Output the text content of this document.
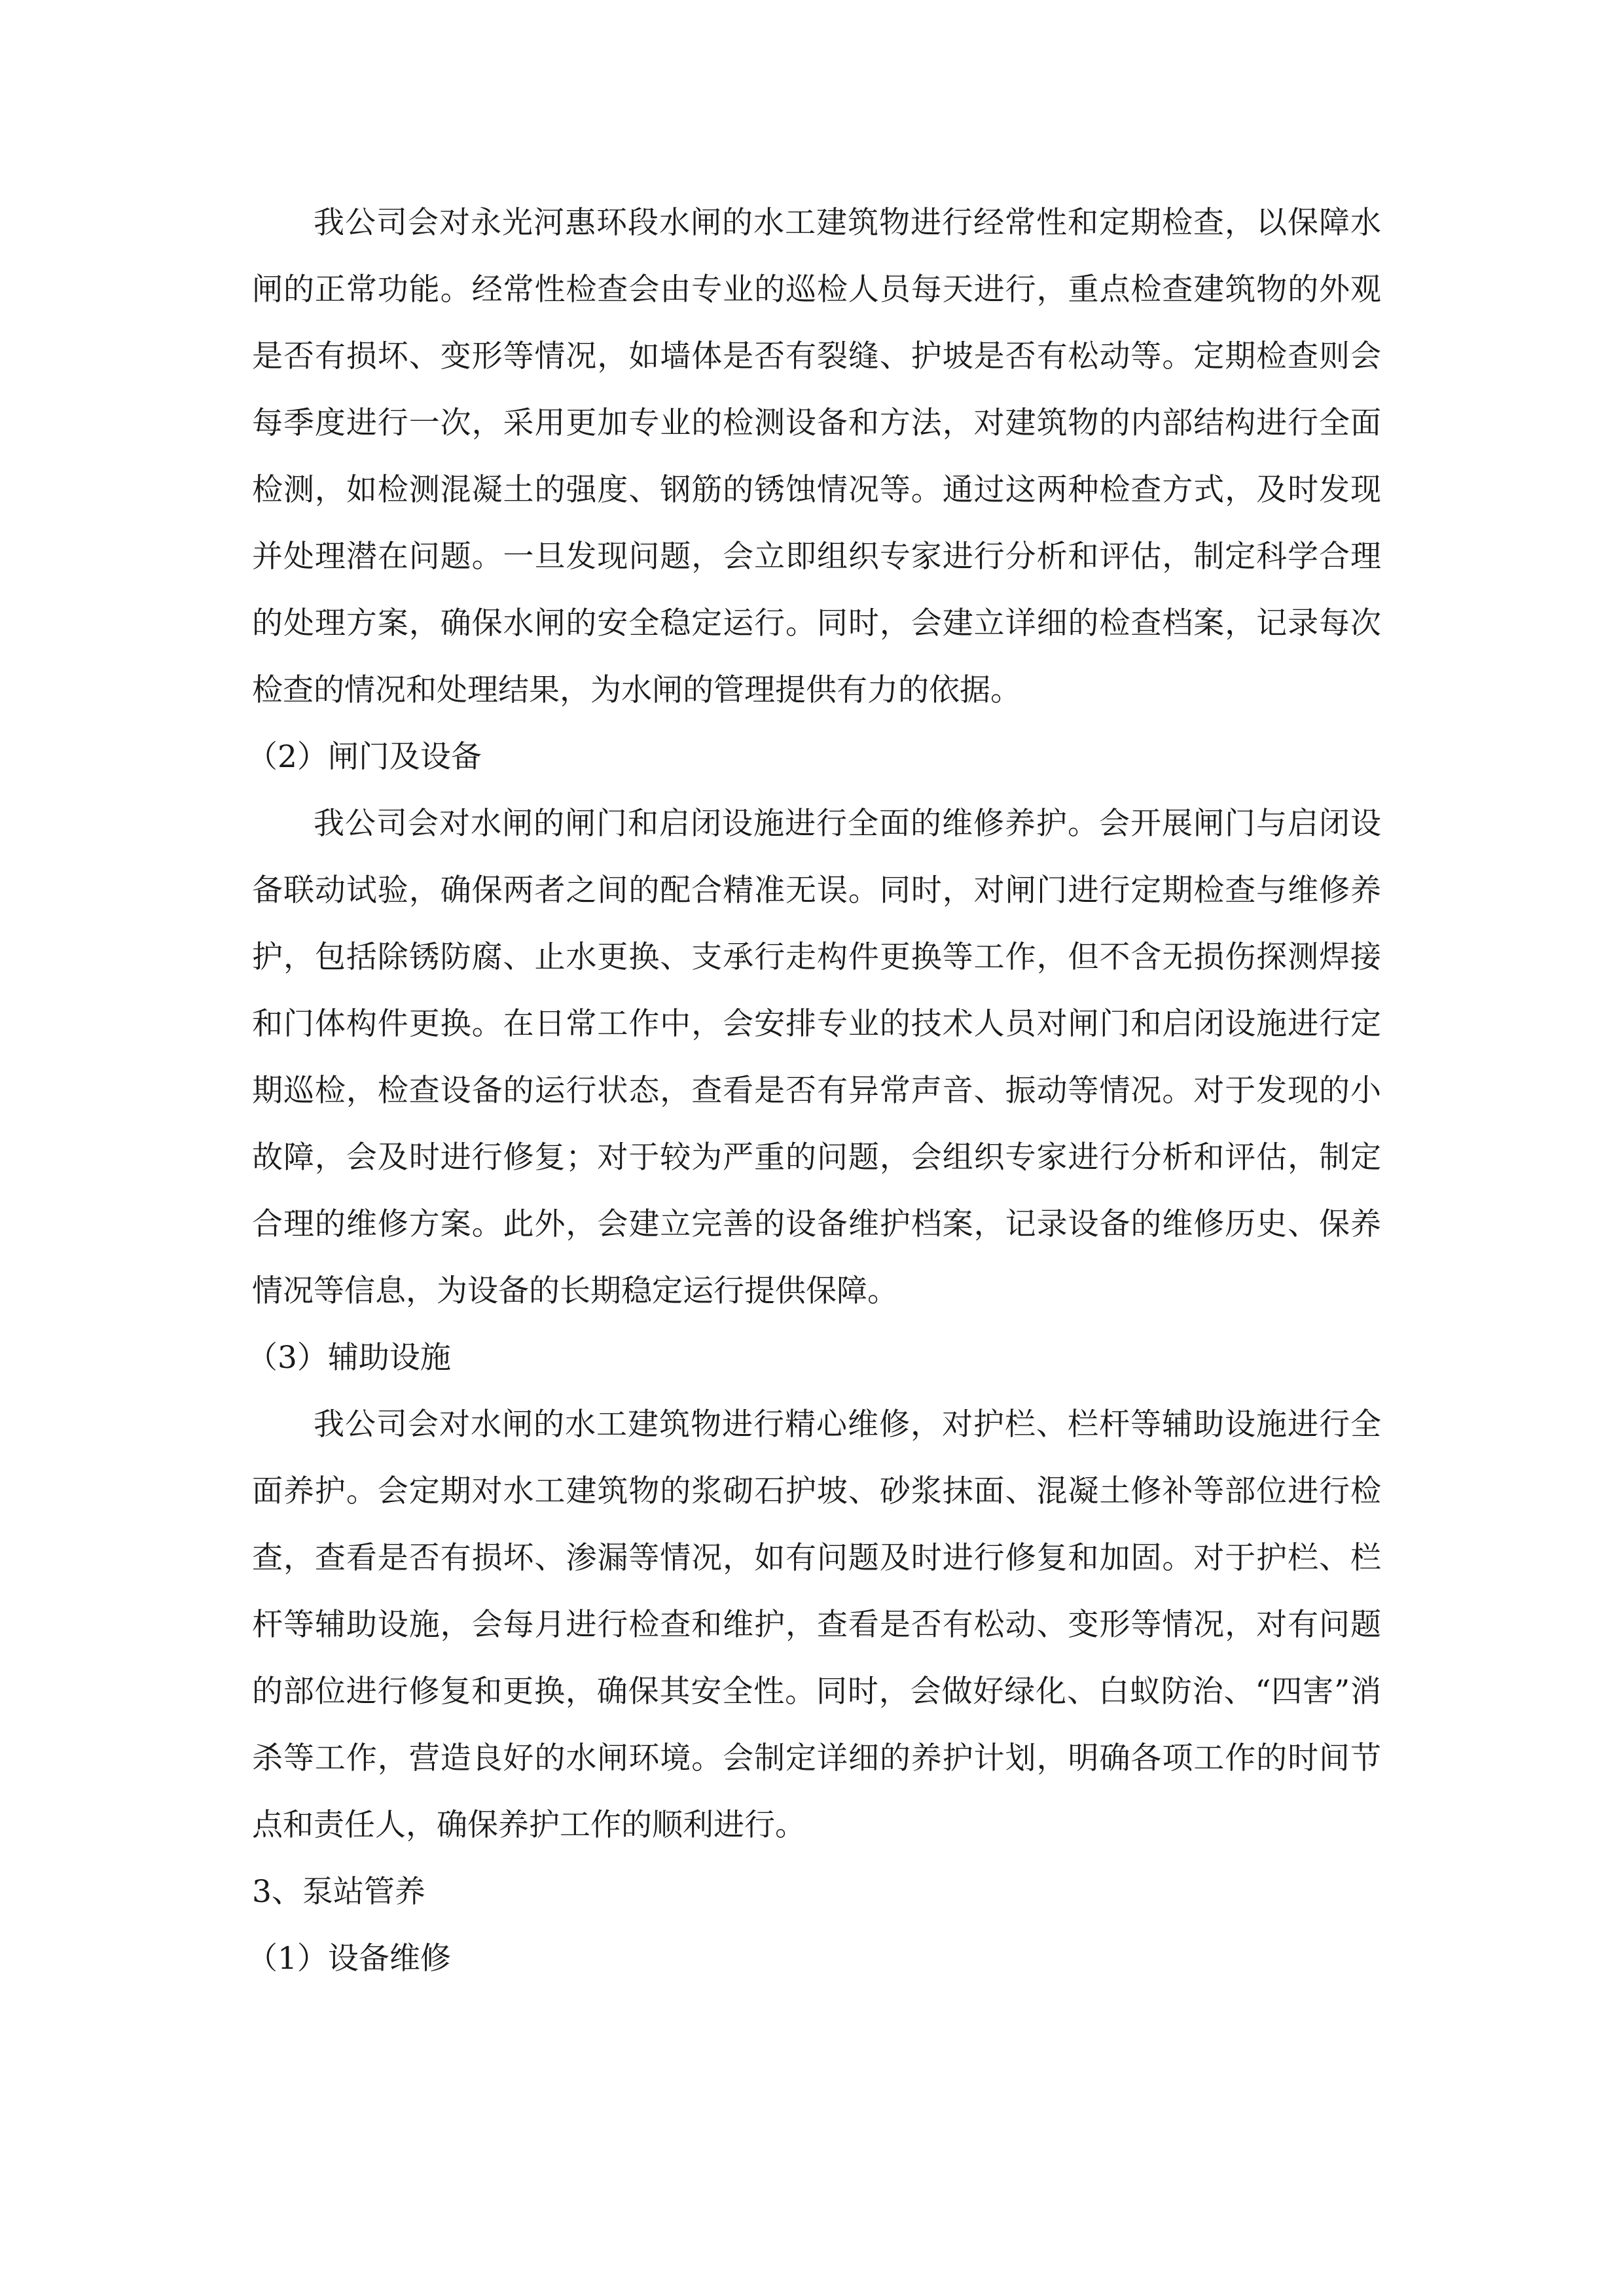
我公司会对永光河惠环段水闸的水工建筑物进行经常性和定期检查，以保障水闸的正常功能。经常性检查会由专业的巡检人员每天进行，重点检查建筑物的外观是否有损坏、变形等情况，如墙体是否有裂缝、护坡是否有松动等。定期检查则会每季度进行一次，采用更加专业的检测设备和方法，对建筑物的内部结构进行全面检测，如检测混凝土的强度、钢筋的锈蚀情况等。通过这两种检查方式，及时发现并处理潜在问题。一旦发现问题，会立即组织专家进行分析和评估，制定科学合理的处理方案，确保水闸的安全稳定运行。同时，会建立详细的检查档案，记录每次检查的情况和处理结果，为水闸的管理提供有力的依据。

（2）闸门及设备

我公司会对水闸的闸门和启闭设施进行全面的维修养护。会开展闸门与启闭设备联动试验，确保两者之间的配合精准无误。同时，对闸门进行定期检查与维修养护，包括除锈防腐、止水更换、支承行走构件更换等工作，但不含无损伤探测焊接和门体构件更换。在日常工作中，会安排专业的技术人员对闸门和启闭设施进行定期巡检，检查设备的运行状态，查看是否有异常声音、振动等情况。对于发现的小故障，会及时进行修复；对于较为严重的问题，会组织专家进行分析和评估，制定合理的维修方案。此外，会建立完善的设备维护档案，记录设备的维修历史、保养情况等信息，为设备的长期稳定运行提供保障。

（3）辅助设施

我公司会对水闸的水工建筑物进行精心维修，对护栏、栏杆等辅助设施进行全面养护。会定期对水工建筑物的浆砌石护坡、砂浆抹面、混凝土修补等部位进行检查，查看是否有损坏、渗漏等情况，如有问题及时进行修复和加固。对于护栏、栏杆等辅助设施，会每月进行检查和维护，查看是否有松动、变形等情况，对有问题的部位进行修复和更换，确保其安全性。同时，会做好绿化、白蚁防治、“四害”消杀等工作，营造良好的水闸环境。会制定详细的养护计划，明确各项工作的时间节点和责任人，确保养护工作的顺利进行。

3、泵站管养

（1）设备维修
